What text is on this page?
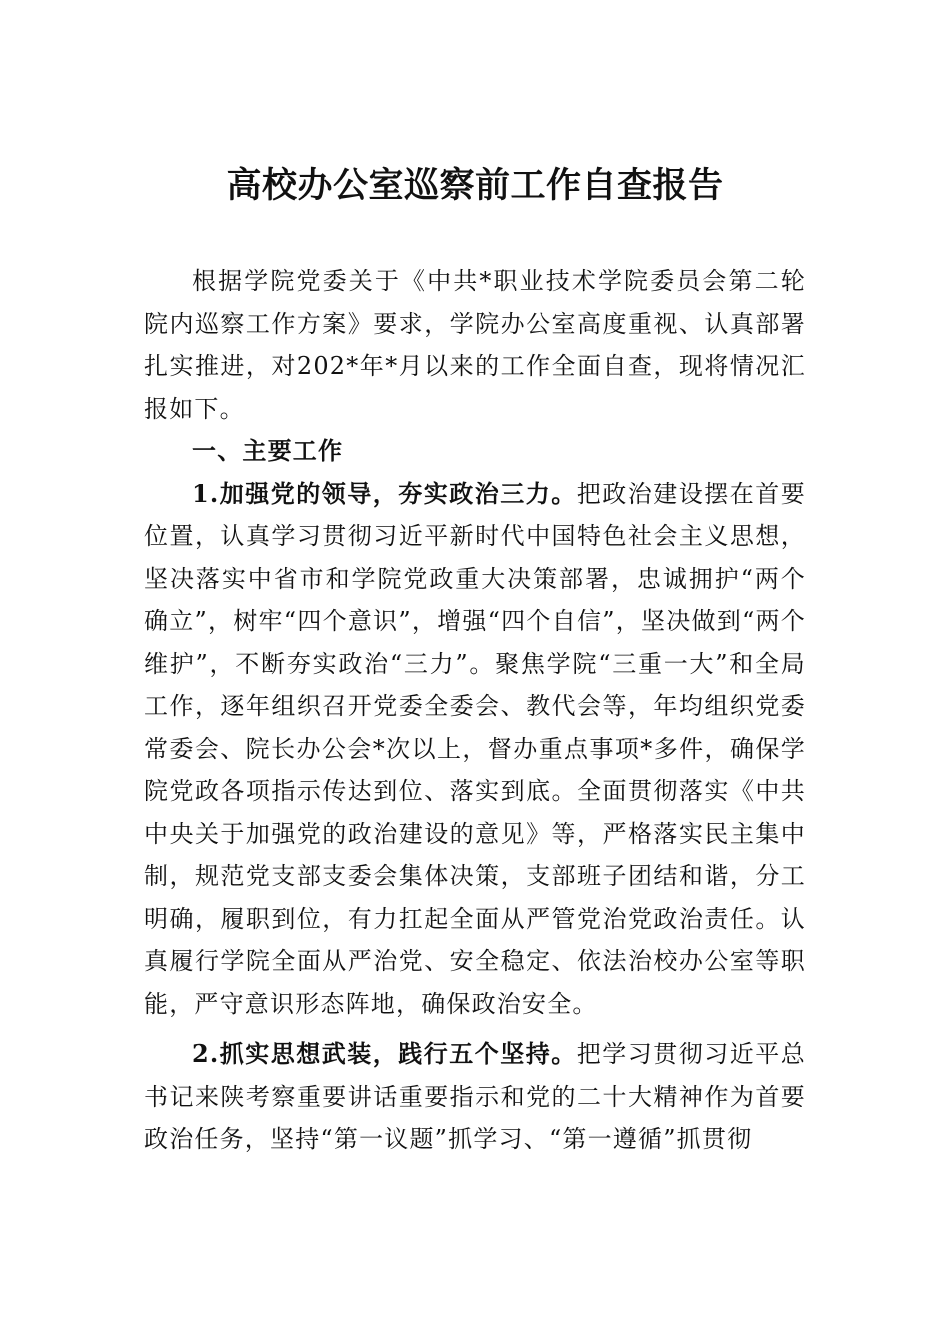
高校办公室巡察前工作自查报告

根据学院党委关于《中共*职业技术学院委员会第二轮院内巡察工作方案》要求，学院办公室高度重视、认真部署扎实推进，对202*年*月以来的工作全面自查，现将情况汇报如下。

一、主要工作

1.加强党的领导，夯实政治三力。把政治建设摆在首要位置，认真学习贯彻习近平新时代中国特色社会主义思想，坚决落实中省市和学院党政重大决策部署，忠诚拥护“两个确立”，树牢“四个意识”，增强“四个自信”，坚决做到“两个维护”，不断夯实政治“三力”。聚焦学院“三重一大”和全局工作，逐年组织召开党委全委会、教代会等，年均组织党委常委会、院长办公会*次以上，督办重点事项*多件，确保学院党政各项指示传达到位、落实到底。全面贯彻落实《中共中央关于加强党的政治建设的意见》等，严格落实民主集中制，规范党支部支委会集体决策，支部班子团结和谐，分工明确，履职到位，有力扛起全面从严管党治党政治责任。认真履行学院全面从严治党、安全稳定、依法治校办公室等职能，严守意识形态阵地，确保政治安全。

2.抓实思想武装，践行五个坚持。把学习贯彻习近平总书记来陕考察重要讲话重要指示和党的二十大精神作为首要政治任务，坚持“第一议题”抓学习、“第一遵循”抓贯彻
